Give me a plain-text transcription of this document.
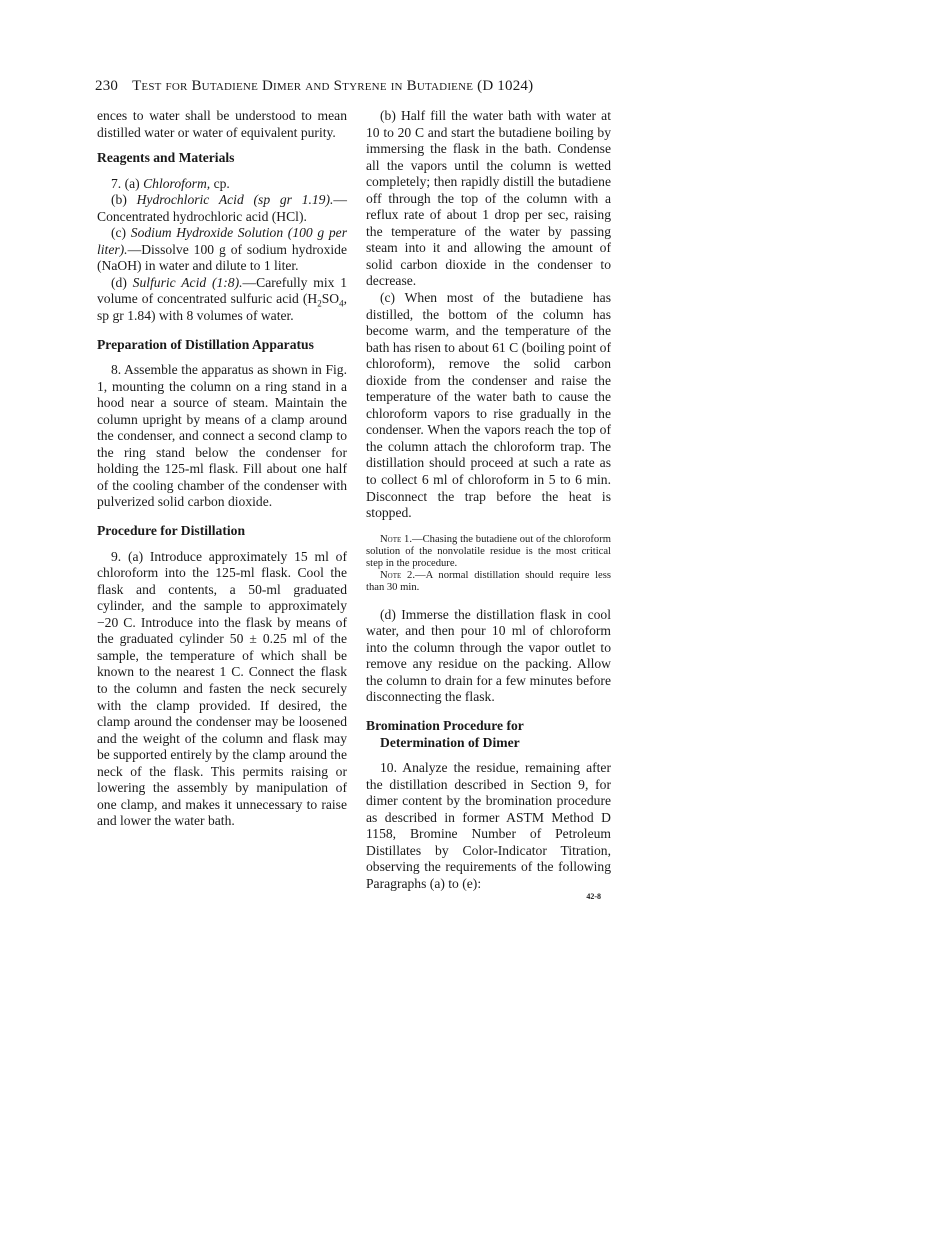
230 Test for Butadiene Dimer and Styrene in Butadiene (D 1024)

ences to water shall be understood to mean distilled water or water of equivalent purity.

Reagents and Materials

7. (a) Chloroform, cp.

(b) Hydrochloric Acid (sp gr 1.19).—Concentrated hydrochloric acid (HCl).

(c) Sodium Hydroxide Solution (100 g per liter).—Dissolve 100 g of sodium hydroxide (NaOH) in water and dilute to 1 liter.

(d) Sulfuric Acid (1:8).—Carefully mix 1 volume of concentrated sulfuric acid ($H_2SO_4$, sp gr 1.84) with 8 volumes of water.

Preparation of Distillation Apparatus

8. Assemble the apparatus as shown in Fig. 1, mounting the column on a ring stand in a hood near a source of steam. Maintain the column upright by means of a clamp around the condenser, and connect a second clamp to the ring stand below the condenser for holding the 125-ml flask. Fill about one half of the cooling chamber of the condenser with pulverized solid carbon dioxide.

Procedure for Distillation

9. (a) Introduce approximately 15 ml of chloroform into the 125-ml flask. Cool the flask and contents, a 50-ml graduated cylinder, and the sample to approximately −20 C. Introduce into the flask by means of the graduated cylinder 50 ± 0.25 ml of the sample, the temperature of which shall be known to the nearest 1 C. Connect the flask to the column and fasten the neck securely with the clamp provided. If desired, the clamp around the condenser may be loosened and the weight of the column and flask may be supported entirely by the clamp around the neck of the flask. This permits raising or lowering the assembly by manipulation of one clamp, and makes it unnecessary to raise and lower the water bath.

(b) Half fill the water bath with water at 10 to 20 C and start the butadiene boiling by immersing the flask in the bath. Condense all the vapors until the column is wetted completely; then rapidly distill the butadiene off through the top of the column with a reflux rate of about 1 drop per sec, raising the temperature of the water by passing steam into it and allowing the amount of solid carbon dioxide in the condenser to decrease.

(c) When most of the butadiene has distilled, the bottom of the column has become warm, and the temperature of the bath has risen to about 61 C (boiling point of chloroform), remove the solid carbon dioxide from the condenser and raise the temperature of the water bath to cause the chloroform vapors to rise gradually in the condenser. When the vapors reach the top of the column attach the chloroform trap. The distillation should proceed at such a rate as to collect 6 ml of chloroform in 5 to 6 min. Disconnect the trap before the heat is stopped.

Note 1.—Chasing the butadiene out of the chloroform solution of the nonvolatile residue is the most critical step in the procedure.

Note 2.—A normal distillation should require less than 30 min.

(d) Immerse the distillation flask in cool water, and then pour 10 ml of chloroform into the column through the vapor outlet to remove any residue on the packing. Allow the column to drain for a few minutes before disconnecting the flask.

Bromination Procedure for Determination of Dimer

10. Analyze the residue, remaining after the distillation described in Section 9, for dimer content by the bromination procedure as described in former ASTM Method D 1158, Bromine Number of Petroleum Distillates by Color-Indicator Titration, observing the requirements of the following Paragraphs (a) to (e):

42-8
